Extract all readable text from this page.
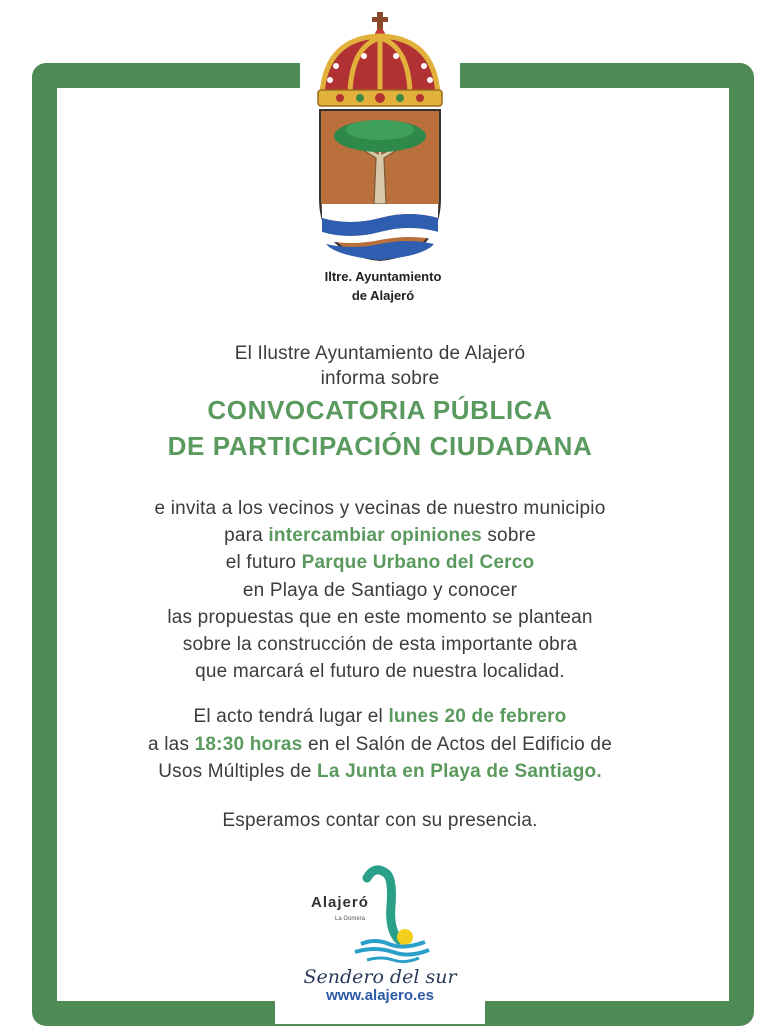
Iltre. Ayuntamiento
de Alajeró
El Ilustre Ayuntamiento de Alajeró
informa sobre
CONVOCATORIA PÚBLICA
DE PARTICIPACIÓN CIUDADANA
e invita a los vecinos y vecinas de nuestro municipio
para intercambiar opiniones sobre
el futuro Parque Urbano del Cerco
en Playa de Santiago y conocer
las propuestas que en este momento se plantean
sobre la construcción de esta importante obra
que marcará el futuro de nuestra localidad.
El acto tendrá lugar el lunes 20 de febrero
a las 18:30 horas en el Salón de Actos del Edificio de
Usos Múltiples de La Junta en Playa de Santiago.
Esperamos contar con su presencia.
Alajeró
La Gomera
Sendero del sur
www.alajero.es
